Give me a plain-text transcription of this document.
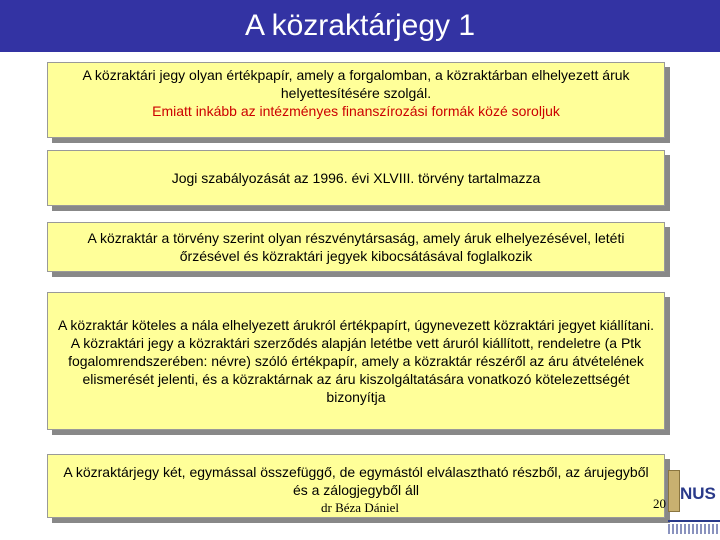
A közraktárjegy 1

A közraktári jegy olyan értékpapír, amely a forgalomban, a közraktárban elhelyezett áruk helyettesítésére szolgál.

Emiatt inkább az intézményes finanszírozási formák közé soroljuk

Jogi szabályozását az 1996. évi XLVIII. törvény tartalmazza

A közraktár a törvény szerint olyan részvénytársaság, amely áruk elhelyezésével, letéti őrzésével és közraktári jegyek kibocsátásával foglalkozik

A közraktár köteles a nála elhelyezett árukról értékpapírt, úgynevezett közraktári jegyet kiállítani. A közraktári jegy a közraktári szerződés alapján letétbe vett áruról kiállított, rendeletre (a Ptk fogalomrendszerében: névre) szóló értékpapír, amely a közraktár részéről az áru átvételének elismerését jelenti, és a közraktárnak az áru kiszolgáltatására vonatkozó kötelezettségét bizonyítja

A közraktárjegy két, egymással összefüggő, de egymástól elválasztható részből, az árujegyből és a zálogjegyből áll

dr Béza Dániel	20
NUS
